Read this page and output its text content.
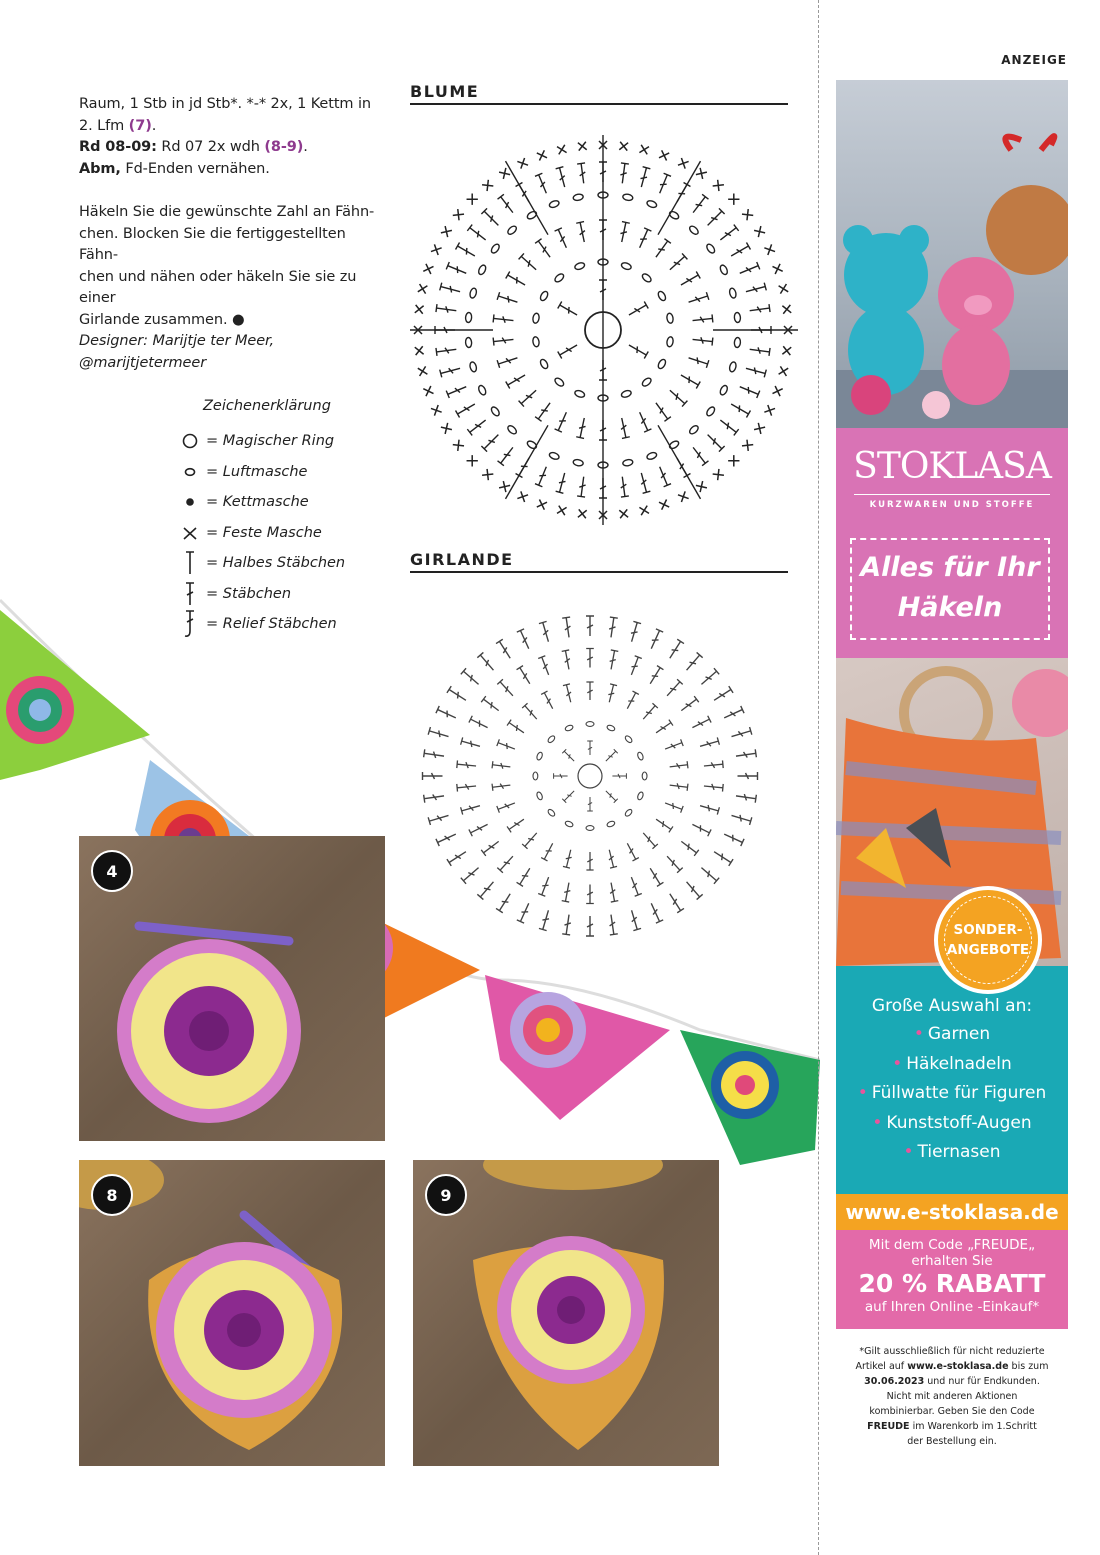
Raum, 1 Stb in jd Stb*. *-* 2x, 1 Kettm in

2. Lfm (7).

Rd 08-09: Rd 07 2x wdh (8-9).

Abm, Fd-Enden vernähen.

Häkeln Sie die gewünschte Zahl an Fähn-

chen. Blocken Sie die fertiggestellten Fähn-

chen und nähen oder häkeln Sie sie zu einer

Girlande zusammen. ●

Designer: Marijtje ter Meer,

@marijtjetermeer

Zeichenerklärung
= Magischer Ring
= Luftmasche
= Kettmasche
= Feste Masche
= Halbes Stäbchen
= Stäbchen
= Relief Stäbchen
BLUME
GIRLANDE
4
8	9
ANZEIGE
STOKLASA
KURZWAREN UND STOFFE
Alles für Ihr
Häkeln
Große Auswahl an:
• Garnen
• Häkelnadeln
• Füllwatte für Figuren
• Kunststoff-Augen
• Tiernasen
www.e-stoklasa.de
Mit dem Code „FREUDE„
erhalten Sie
20 % RABATT
auf Ihren Online -Einkauf*
SONDER-
ANGEBOTE
*Gilt ausschließlich für nicht reduzierte
Artikel auf www.e-stoklasa.de bis zum
30.06.2023 und nur für Endkunden.
Nicht mit anderen Aktionen
kombinierbar. Geben Sie den Code
FREUDE im Warenkorb im 1.Schritt
der Bestellung ein.
